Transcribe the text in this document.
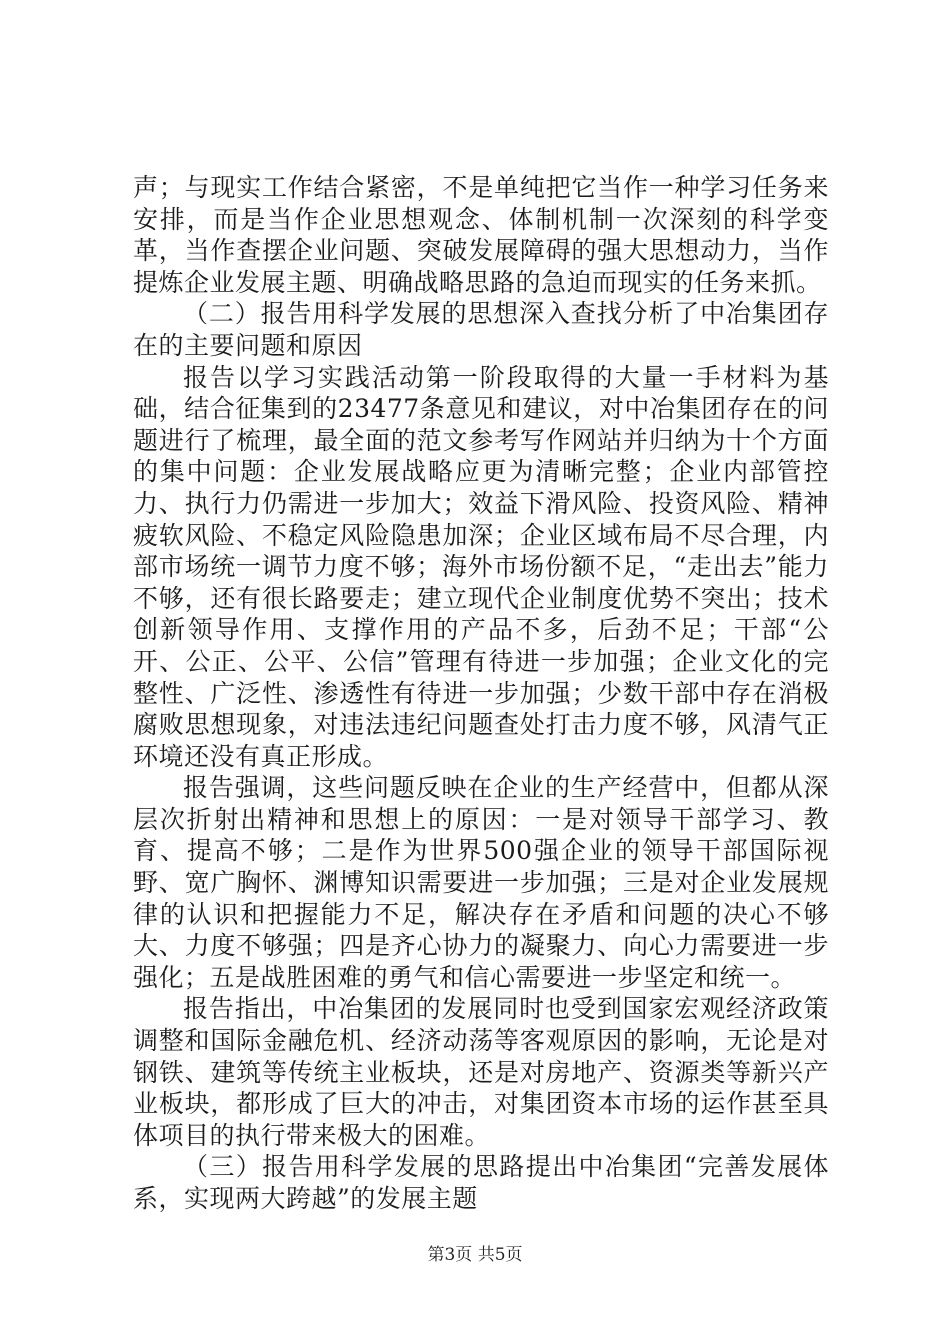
声；与现实工作结合紧密，不是单纯把它当作一种学习任务来安排，而是当作企业思想观念、体制机制一次深刻的科学变革，当作查摆企业问题、突破发展障碍的强大思想动力，当作提炼企业发展主题、明确战略思路的急迫而现实的任务来抓。

（二）报告用科学发展的思想深入查找分析了中冶集团存在的主要问题和原因

报告以学习实践活动第一阶段取得的大量一手材料为基础，结合征集到的23477条意见和建议，对中冶集团存在的问题进行了梳理，最全面的范文参考写作网站并归纳为十个方面的集中问题：企业发展战略应更为清晰完整；企业内部管控力、执行力仍需进一步加大；效益下滑风险、投资风险、精神疲软风险、不稳定风险隐患加深；企业区域布局不尽合理，内部市场统一调节力度不够；海外市场份额不足，“走出去”能力不够，还有很长路要走；建立现代企业制度优势不突出；技术创新领导作用、支撑作用的产品不多，后劲不足；干部“公开、公正、公平、公信”管理有待进一步加强；企业文化的完整性、广泛性、渗透性有待进一步加强；少数干部中存在消极腐败思想现象，对违法违纪问题查处打击力度不够，风清气正环境还没有真正形成。

报告强调，这些问题反映在企业的生产经营中，但都从深层次折射出精神和思想上的原因：一是对领导干部学习、教育、提高不够；二是作为世界500强企业的领导干部国际视野、宽广胸怀、渊博知识需要进一步加强；三是对企业发展规律的认识和把握能力不足，解决存在矛盾和问题的决心不够大、力度不够强；四是齐心协力的凝聚力、向心力需要进一步强化；五是战胜困难的勇气和信心需要进一步坚定和统一。

报告指出，中冶集团的发展同时也受到国家宏观经济政策调整和国际金融危机、经济动荡等客观原因的影响，无论是对钢铁、建筑等传统主业板块，还是对房地产、资源类等新兴产业板块，都形成了巨大的冲击，对集团资本市场的运作甚至具体项目的执行带来极大的困难。

（三）报告用科学发展的思路提出中冶集团“完善发展体系，实现两大跨越”的发展主题

第3页 共5页
